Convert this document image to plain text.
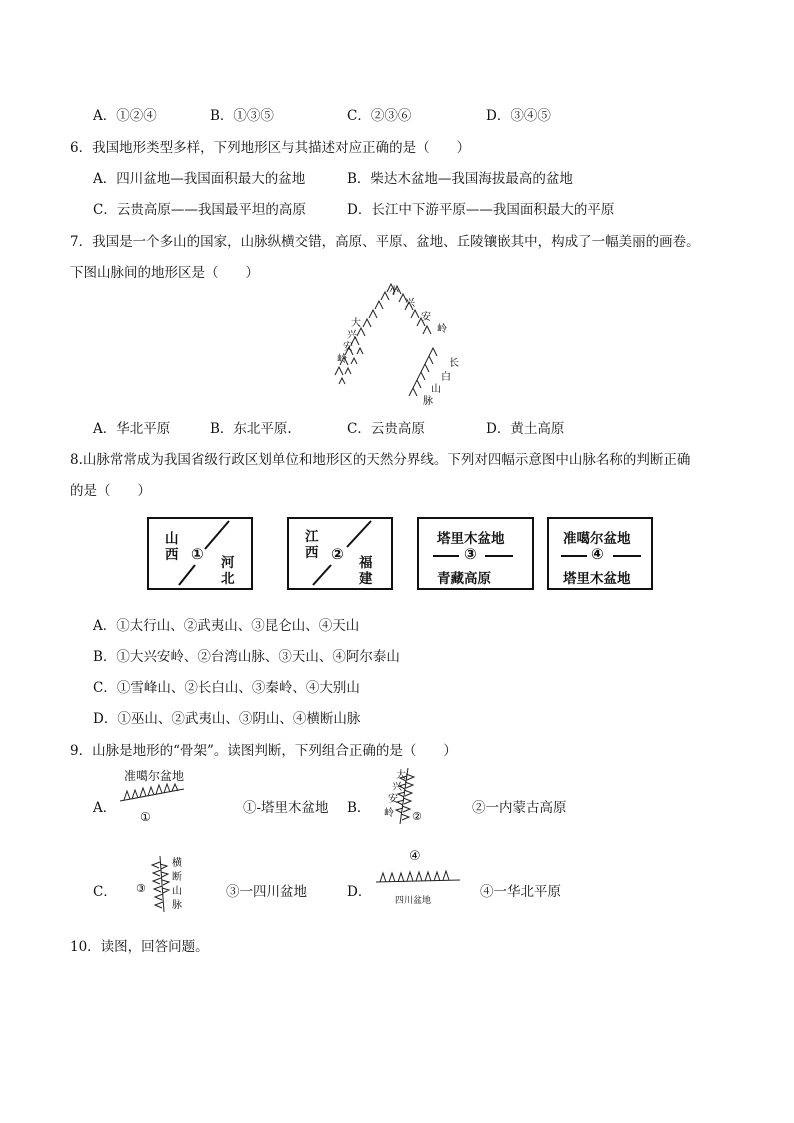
A．①②④	B．①③⑤	C．②③⑥	D．③④⑤
6．我国地形类型多样，下列地形区与其描述对应正确的是（　　）
A．四川盆地—我国面积最大的盆地	B．柴达木盆地—我国海拔最高的盆地
C．云贵高原——我国最平坦的高原	D．长江中下游平原——我国面积最大的平原
7．我国是一个多山的国家，山脉纵横交错，高原、平原、盆地、丘陵镶嵌其中，构成了一幅美丽的画卷。
下图山脉间的地形区是（　　）
小
兴
安
岭
大
兴
安
岭	长
白
山
脉
A．华北平原	B．东北平原.	C．云贵高原	D．黄土高原
8.山脉常常成为我国省级行政区划单位和地形区的天然分界线。下列对四幅示意图中山脉名称的判断正确
的是（　　）
山
西 ① 河
北
江
西 ② 福
建
塔里木盆地
③
青藏高原
准噶尔盆地
④
塔里木盆地
A．①太行山、②武夷山、③昆仑山、④天山
B．①大兴安岭、②台湾山脉、③天山、④阿尔泰山
C．①雪峰山、②长白山、③秦岭、④大别山
D．①巫山、②武夷山、③阴山、④横断山脉
9．山脉是地形的“骨架”。读图判断，下列组合正确的是（　　）
A．
准噶尔盆地
①
①-塔里木盆地 B．
大
兴
安
岭 ②
②一内蒙古高原
C．
横
断
山
脉
③	③一四川盆地	D．
④
四川盆地
④一华北平原
10．读图，回答问题。
